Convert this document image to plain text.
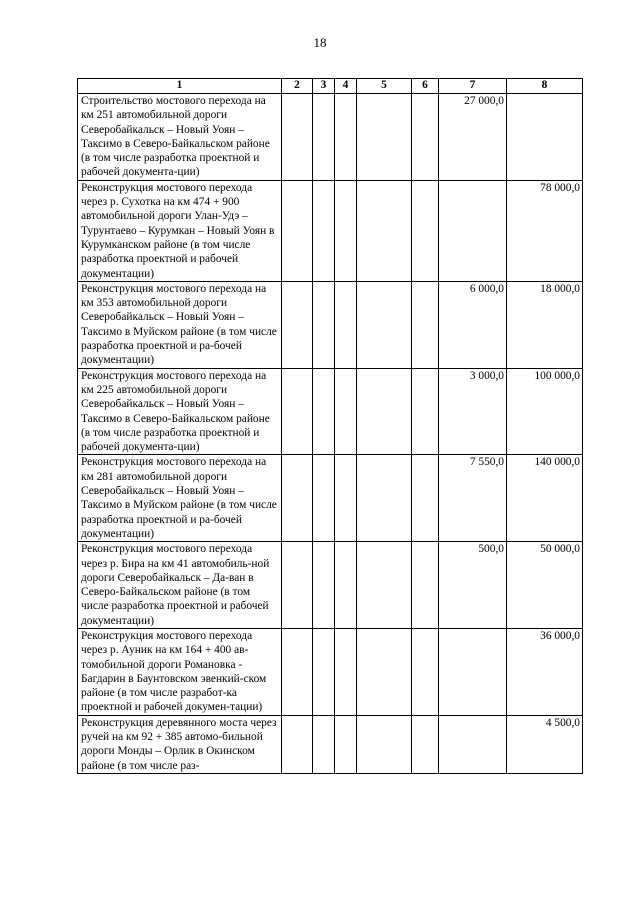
18
1	2	3	4	5	6	7	8
Строительство мостового перехода на км 251 автомобильной дороги Северобайкальск – Новый Уоян – Таксимо в Северо-Байкальском районе (в том числе разработка проектной и рабочей документа-ции)						27 000,0	
Реконструкция мостового перехода через р. Сухотка на км 474 + 900 автомобильной дороги Улан-Удэ – Турунтаево – Курумкан – Новый Уоян в Курумканском районе (в том числе разработка проектной и рабочей документации)							78 000,0
Реконструкция мостового перехода на км 353 автомобильной дороги Северобайкальск – Новый Уоян – Таксимо в Муйском районе (в том числе разработка проектной и ра-бочей документации)						6 000,0	18 000,0
Реконструкция мостового перехода на км 225 автомобильной дороги Северобайкальск – Новый Уоян – Таксимо в Северо-Байкальском районе (в том числе разработка проектной и рабочей документа-ции)						3 000,0	100 000,0
Реконструкция мостового перехода на км 281 автомобильной дороги Северобайкальск – Новый Уоян – Таксимо в Муйском районе (в том числе разработка проектной и ра-бочей документации)						7 550,0	140 000,0
Реконструкция мостового перехода через р. Бира на км 41 автомобиль-ной дороги Северобайкальск – Да-ван в Северо-Байкальском районе (в том числе разработка проектной и рабочей документации)						500,0	50 000,0
Реконструкция мостового перехода через р. Ауник на км 164 + 400 ав-томобильной дороги Романовка - Багдарин в Баунтовском эвенкий-ском районе (в том числе разработ-ка проектной и рабочей докумен-тации)							36 000,0
Реконструкция деревянного моста через ручей на км 92 + 385 автомо-бильной дороги Монды – Орлик в Окинском районе (в том числе раз-							4 500,0
